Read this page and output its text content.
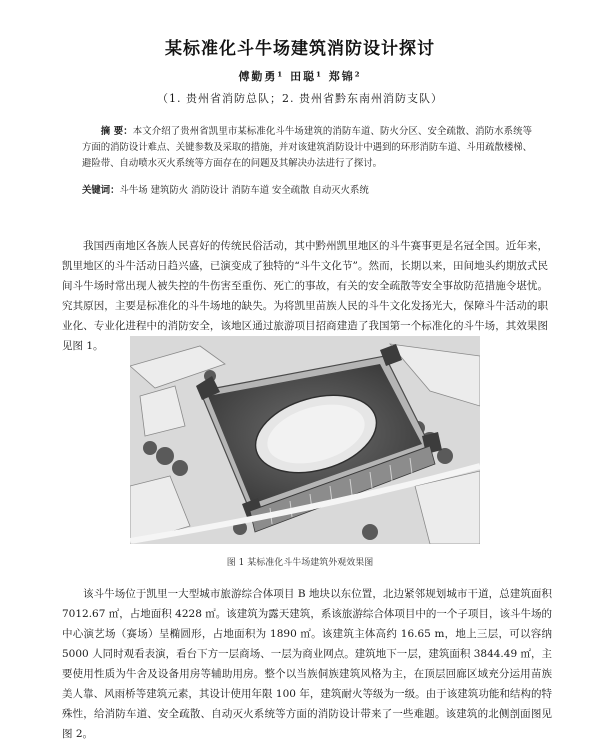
某标准化斗牛场建筑消防设计探讨
傅勤勇¹ 田聪¹ 郑锦²
（1. 贵州省消防总队；2. 贵州省黔东南州消防支队）
摘 要：本文介绍了贵州省凯里市某标准化斗牛场建筑的消防车道、防火分区、安全疏散、消防水系统等方面的消防设计难点、关键参数及采取的措施，并对该建筑消防设计中遇到的环形消防车道、斗用疏散楼梯、避险带、自动喷水灭火系统等方面存在的问题及其解决办法进行了探讨。
关键词：斗牛场 建筑防火 消防设计 消防车道 安全疏散 自动灭火系统
我国西南地区各族人民喜好的传统民俗活动，其中黔州凯里地区的斗牛赛事更是名冠全国。近年来，凯里地区的斗牛活动日趋兴盛，已演变成了独特的“斗牛文化节”。然而，长期以来，田间地头约期放式民间斗牛场时常出现人被失控的牛伤害至重伤、死亡的事故，有关的安全疏散等安全事故防范措施令堪忧。究其原因，主要是标准化的斗牛场地的缺失。为将凯里苗族人民的斗牛文化发扬光大，保障斗牛活动的职业化、专业化进程中的消防安全，该地区通过旅游项目招商建造了我国第一个标准化的斗牛场，其效果图见图 1。
图 1 某标准化斗牛场建筑外观效果图
该斗牛场位于凯里一大型城市旅游综合体项目 B 地块以东位置，北边紧邻规划城市干道，总建筑面积 7012.67 ㎡，占地面积 4228 ㎡。该建筑为露天建筑，系该旅游综合体项目中的一个子项目，该斗牛场的中心演艺场（赛场）呈椭圆形，占地面积为 1890 ㎡。该建筑主体高约 16.65 m，地上三层，可以容纳 5000 人同时观看表演，看台下方一层商场、一层为商业网点。建筑地下一层，建筑面积 3844.49 ㎡，主要使用性质为牛舍及设备用房等辅助用房。整个以当族侗族建筑风格为主，在顶层回廊区域充分运用苗族美人靠、风雨桥等建筑元素，其设计使用年限 100 年，建筑耐火等级为一级。由于该建筑功能和结构的特殊性，给消防车道、安全疏散、自动灭火系统等方面的消防设计带来了一些难题。该建筑的北侧剖面图见图 2。
